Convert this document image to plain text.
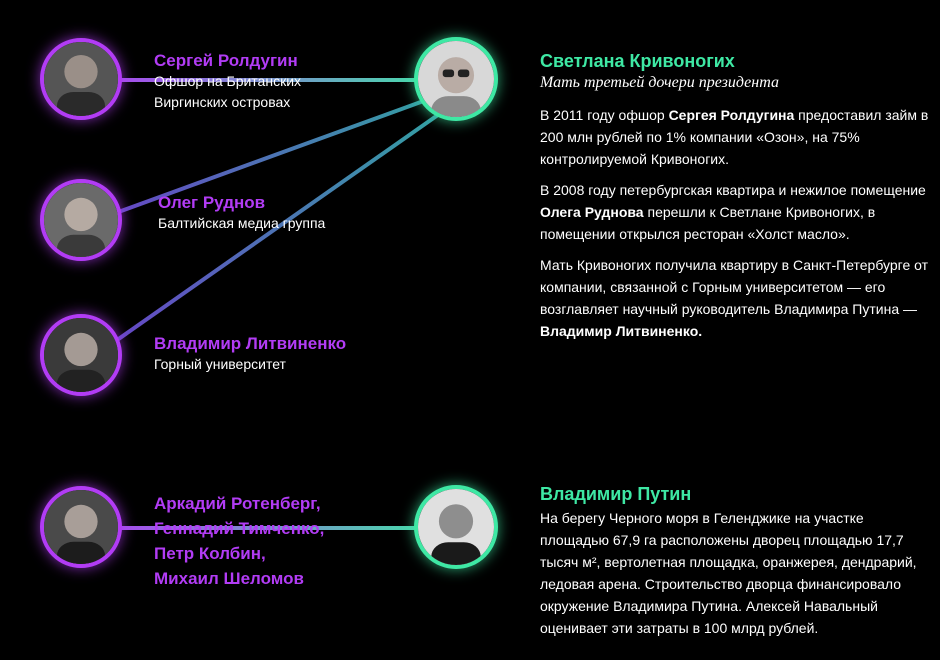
Сергей Ролдугин
Офшор на Британских
Виргинских островах
Олег Руднов
Балтийская медиа группа
Владимир Литвиненко
Горный университет
Аркадий Ротенберг,
Геннадий Тимченко,
Петр Колбин,
Михаил Шеломов
Светлана Кривоногих
Мать третьей дочери президента

В 2011 году офшор Сергея Ролдугина предоставил займ в 200 млн рублей по 1% компании «Озон», на 75% контролируемой Кривоногих.

В 2008 году петербургская квартира и нежилое помещение Олега Руднова перешли к Светлане Кривоногих, в помещении открылся ресторан «Холст масло».

Мать Кривоногих получила квартиру в Санкт-Петербурге от компании, связанной с Горным университетом — его возглавляет научный руководитель Владимира Путина — Владимир Литвиненко.

Владимир Путин

На берегу Черного моря в Геленджике на участке площадью 67,9 га расположены дворец площадью 17,7 тысяч м², вертолетная площадка, оранжерея, дендрарий, ледовая арена. Строительство дворца финансировало окружение Владимира Путина. Алексей Навальный оценивает эти затраты в 100 млрд рублей.
